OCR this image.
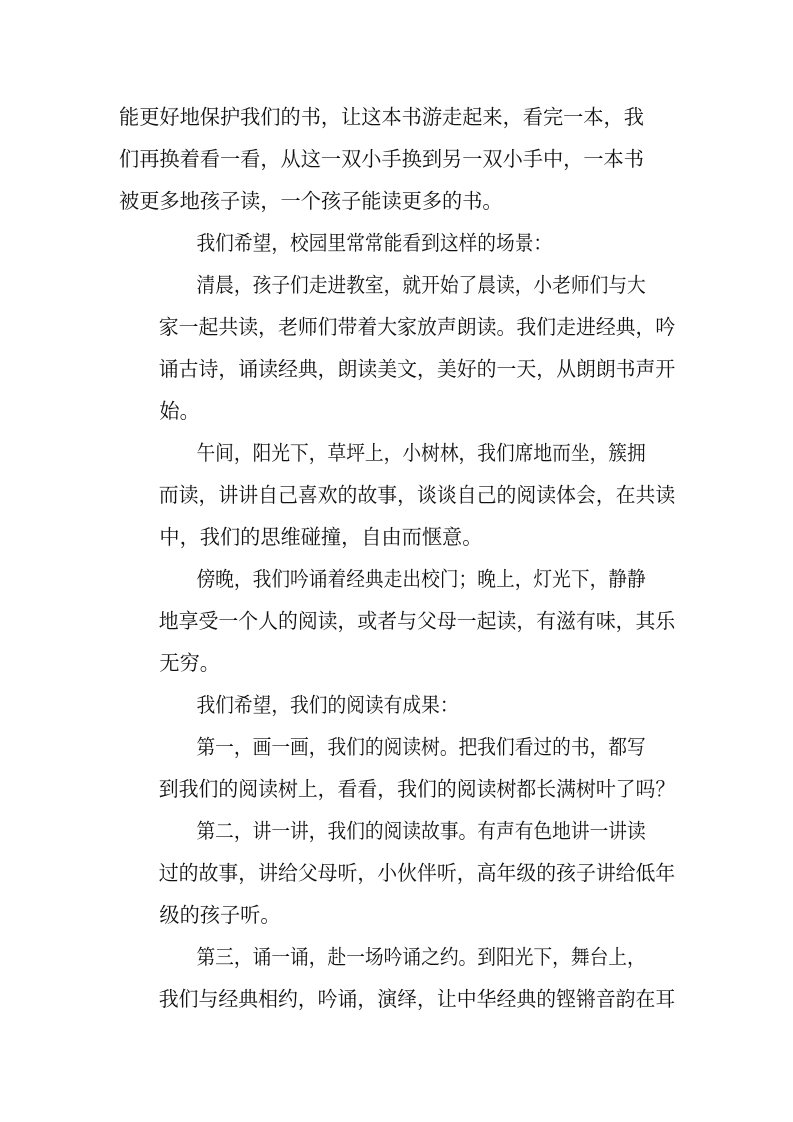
能更好地保护我们的书，让这本书游走起来，看完一本，我
们再换着看一看，从这一双小手换到另一双小手中，一本书
被更多地孩子读，一个孩子能读更多的书。
我们希望，校园里常常能看到这样的场景：
清晨，孩子们走进教室，就开始了晨读，小老师们与大家一起共读，老师们带着大家放声朗读。我们走进经典，吟诵古诗，诵读经典，朗读美文，美好的一天，从朗朗书声开
始。
午间，阳光下，草坪上，小树林，我们席地而坐，簇拥而读，讲讲自己喜欢的故事，谈谈自己的阅读体会，在共读
中，我们的思维碰撞，自由而惬意。
傍晚，我们吟诵着经典走出校门；晚上，灯光下，静静地享受一个人的阅读，或者与父母一起读，有滋有味，其乐
无穷。
我们希望，我们的阅读有成果：
第一，画一画，我们的阅读树。把我们看过的书，都写到我们的阅读树上，看看，我们的阅读树都长满树叶了吗？
第二，讲一讲，我们的阅读故事。有声有色地讲一讲读过的故事，讲给父母听，小伙伴听，高年级的孩子讲给低年
级的孩子听。
第三，诵一诵，赴一场吟诵之约。到阳光下，舞台上，我们与经典相约，吟诵，演绎，让中华经典的铿锵音韵在耳
